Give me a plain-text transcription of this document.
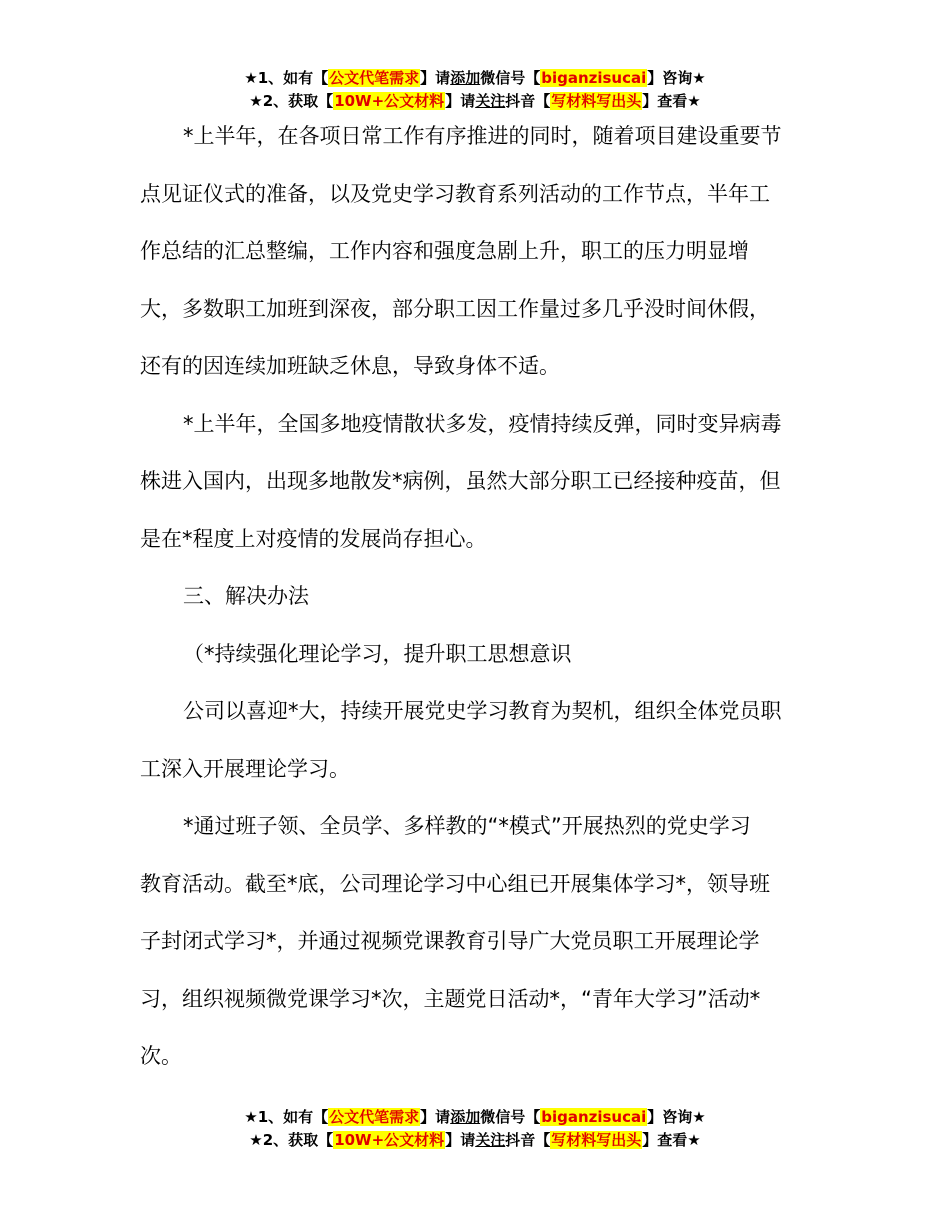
★1、如有【公文代笔需求】请添加微信号【biganzisucai】咨询★
★2、获取【10W+公文材料】请关注抖音【写材料写出头】查看★

*上半年，在各项日常工作有序推进的同时，随着项目建设重要节

点见证仪式的准备，以及党史学习教育系列活动的工作节点，半年工

作总结的汇总整编，工作内容和强度急剧上升，职工的压力明显增

大，多数职工加班到深夜，部分职工因工作量过多几乎没时间休假，

还有的因连续加班缺乏休息，导致身体不适。

*上半年，全国多地疫情散状多发，疫情持续反弹，同时变异病毒

株进入国内，出现多地散发*病例，虽然大部分职工已经接种疫苗，但

是在*程度上对疫情的发展尚存担心。

三、解决办法

（*持续强化理论学习，提升职工思想意识

公司以喜迎*大，持续开展党史学习教育为契机，组织全体党员职

工深入开展理论学习。

*通过班子领、全员学、多样教的“*模式”开展热烈的党史学习

教育活动。截至*底，公司理论学习中心组已开展集体学习*，领导班

子封闭式学习*，并通过视频党课教育引导广大党员职工开展理论学

习，组织视频微党课学习*次，主题党日活动*，“青年大学习”活动*

次。

★1、如有【公文代笔需求】请添加微信号【biganzisucai】咨询★
★2、获取【10W+公文材料】请关注抖音【写材料写出头】查看★
